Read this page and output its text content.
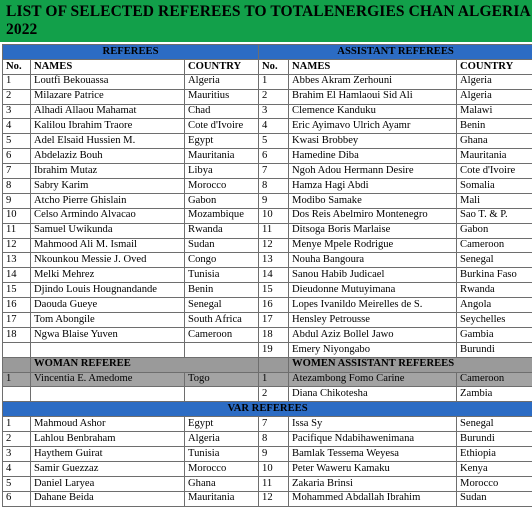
LIST OF SELECTED REFEREES TO TOTALENERGIES CHAN ALGERIA 2022
REFEREES			ASSISTANT REFEREES		
No.	NAMES	COUNTRY	No.	NAMES	COUNTRY
1	Loutfi Bekouassa	Algeria	1	Abbes Akram Zerhouni	Algeria
2	Milazare Patrice	Mauritius	2	Brahim El Hamlaoui Sid Ali	Algeria
3	Alhadi Allaou Mahamat	Chad	3	Clemence Kanduku	Malawi
4	Kalilou Ibrahim Traore	Cote d'Ivoire	4	Eric Ayimavo Ulrich Ayamr	Benin
5	Adel Elsaid Hussien M.	Egypt	5	Kwasi Brobbey	Ghana
6	Abdelaziz Bouh	Mauritania	6	Hamedine Diba	Mauritania
7	Ibrahim Mutaz	Libya	7	Ngoh Adou Hermann Desire	Cote d'Ivoire
8	Sabry Karim	Morocco	8	Hamza Hagi Abdi	Somalia
9	Atcho Pierre Ghislain	Gabon	9	Modibo Samake	Mali
10	Celso Armindo Alvacao	Mozambique	10	Dos Reis Abelmiro Montenegro	Sao T. & P.
11	Samuel Uwikunda	Rwanda	11	Ditsoga Boris Marlaise	Gabon
12	Mahmood Ali M. Ismail	Sudan	12	Menye Mpele Rodrigue	Cameroon
13	Nkounkou Messie J. Oved	Congo	13	Nouha Bangoura	Senegal
14	Melki Mehrez	Tunisia	14	Sanou Habib Judicael	Burkina Faso
15	Djindo Louis Hougnandande	Benin	15	Dieudonne Mutuyimana	Rwanda
16	Daouda Gueye	Senegal	16	Lopes Ivanildo Meirelles de S.	Angola
17	Tom Abongile	South Africa	17	Hensley Petrousse	Seychelles
18	Ngwa Blaise Yuven	Cameroon	18	Abdul Aziz Bollel Jawo	Gambia
			19	Emery Niyongabo	Burundi
	WOMAN REFEREE			WOMEN ASSISTANT REFEREES	
1	Vincentia E. Amedome	Togo	1	Atezambong Fomo Carine	Cameroon
			2	Diana Chikotesha	Zambia
VAR REFEREES					
1	Mahmoud Ashor	Egypt	7	Issa Sy	Senegal
2	Lahlou Benbraham	Algeria	8	Pacifique Ndabihawenimana	Burundi
3	Haythem Guirat	Tunisia	9	Bamlak Tessema Weyesa	Ethiopia
4	Samir Guezzaz	Morocco	10	Peter Waweru Kamaku	Kenya
5	Daniel Laryea	Ghana	11	Zakaria Brinsi	Morocco
6	Dahane Beida	Mauritania	12	Mohammed Abdallah Ibrahim	Sudan
